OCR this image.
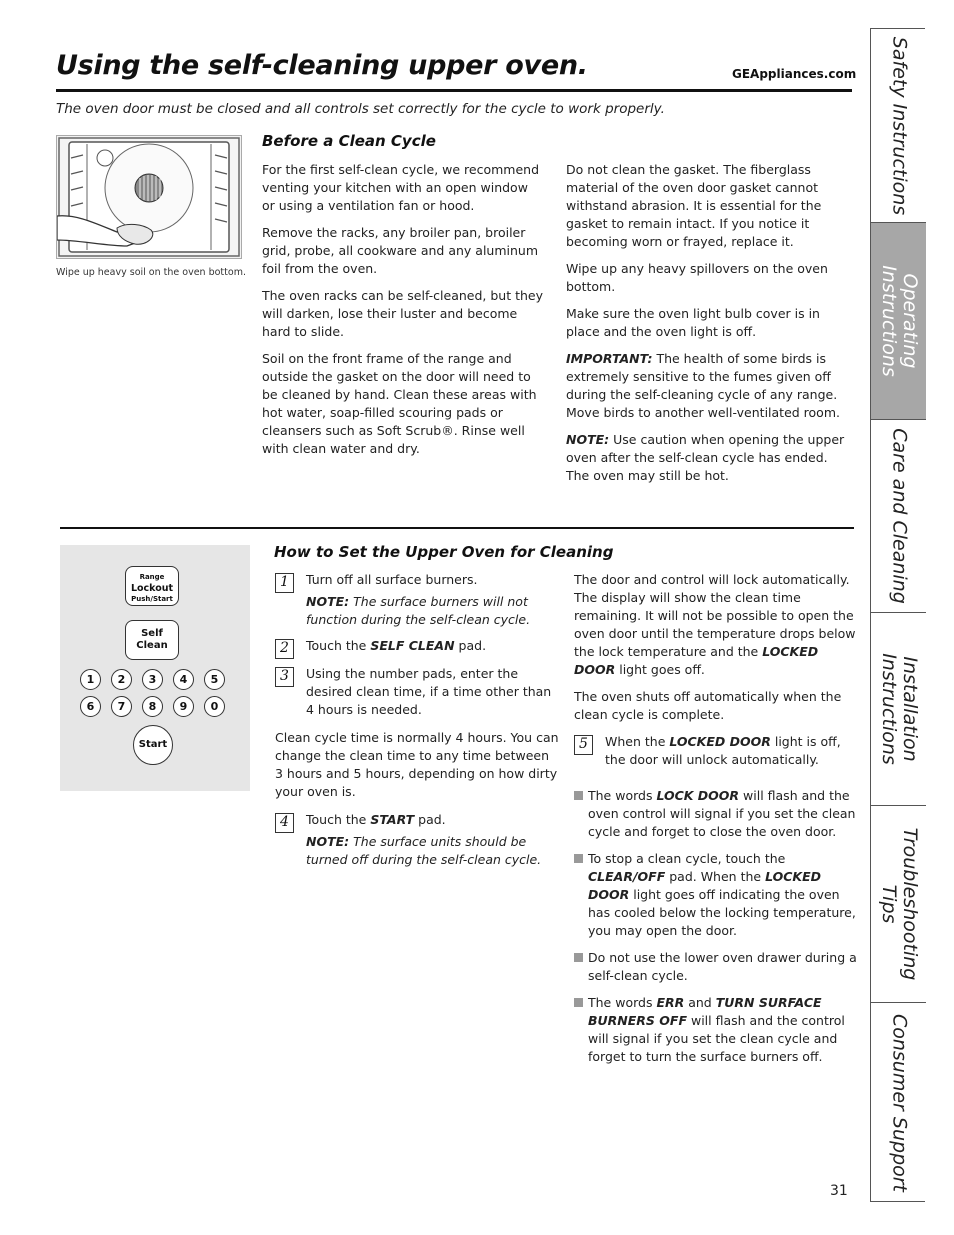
Using the self-cleaning upper oven.	GEAppliances.com
The oven door must be closed and all controls set correctly for the cycle to work properly.
Wipe up heavy soil on the oven bottom.
Before a Clean Cycle

For the first self-clean cycle, we recommend venting your kitchen with an open window or using a ventilation fan or hood.

Remove the racks, any broiler pan, broiler grid, probe, all cookware and any aluminum foil from the oven.

The oven racks can be self-cleaned, but they will darken, lose their luster and become hard to slide.

Soil on the front frame of the range and outside the gasket on the door will need to be cleaned by hand. Clean these areas with hot water, soap-filled scouring pads or cleansers such as Soft Scrub®. Rinse well with clean water and dry.

Do not clean the gasket. The fiberglass material of the oven door gasket cannot withstand abrasion. It is essential for the gasket to remain intact. If you notice it becoming worn or frayed, replace it.

Wipe up any heavy spillovers on the oven bottom.

Make sure the oven light bulb cover is in place and the oven light is off.

IMPORTANT: The health of some birds is extremely sensitive to the fumes given off during the self-cleaning cycle of any range. Move birds to another well-ventilated room.

NOTE: Use caution when opening the upper oven after the self-clean cycle has ended. The oven may still be hot.

Range
Lockout
Push/Start
Self
Clean
1	2	3	4	5
6	7	8	9	0
Start
How to Set the Upper Oven for Cleaning
1	Turn off all surface burners.
NOTE: The surface burners will not function during the self-clean cycle.
2	Touch the SELF CLEAN pad.
3	Using the number pads, enter the desired clean time, if a time other than 4 hours is needed.

Clean cycle time is normally 4 hours. You can change the clean time to any time between 3 hours and 5 hours, depending on how dirty your oven is.

4	Touch the START pad.
NOTE: The surface units should be turned off during the self-clean cycle.

The door and control will lock automatically. The display will show the clean time remaining. It will not be possible to open the oven door until the temperature drops below the lock temperature and the LOCKED DOOR light goes off.

The oven shuts off automatically when the clean cycle is complete.

5	When the LOCKED DOOR light is off, the door will unlock automatically.
The words LOCK DOOR will flash and the oven control will signal if you set the clean cycle and forget to close the oven door.
To stop a clean cycle, touch the CLEAR/OFF pad. When the LOCKED DOOR light goes off indicating the oven has cooled below the locking temperature, you may open the door.
Do not use the lower oven drawer during a self-clean cycle.
The words ERR and TURN SURFACE BURNERS OFF will flash and the control will signal if you set the clean cycle and forget to turn the surface burners off.
Safety Instructions
Operating
Instructions
Care and Cleaning
Installation
Instructions
Troubleshooting
Tips
Consumer Support
31
